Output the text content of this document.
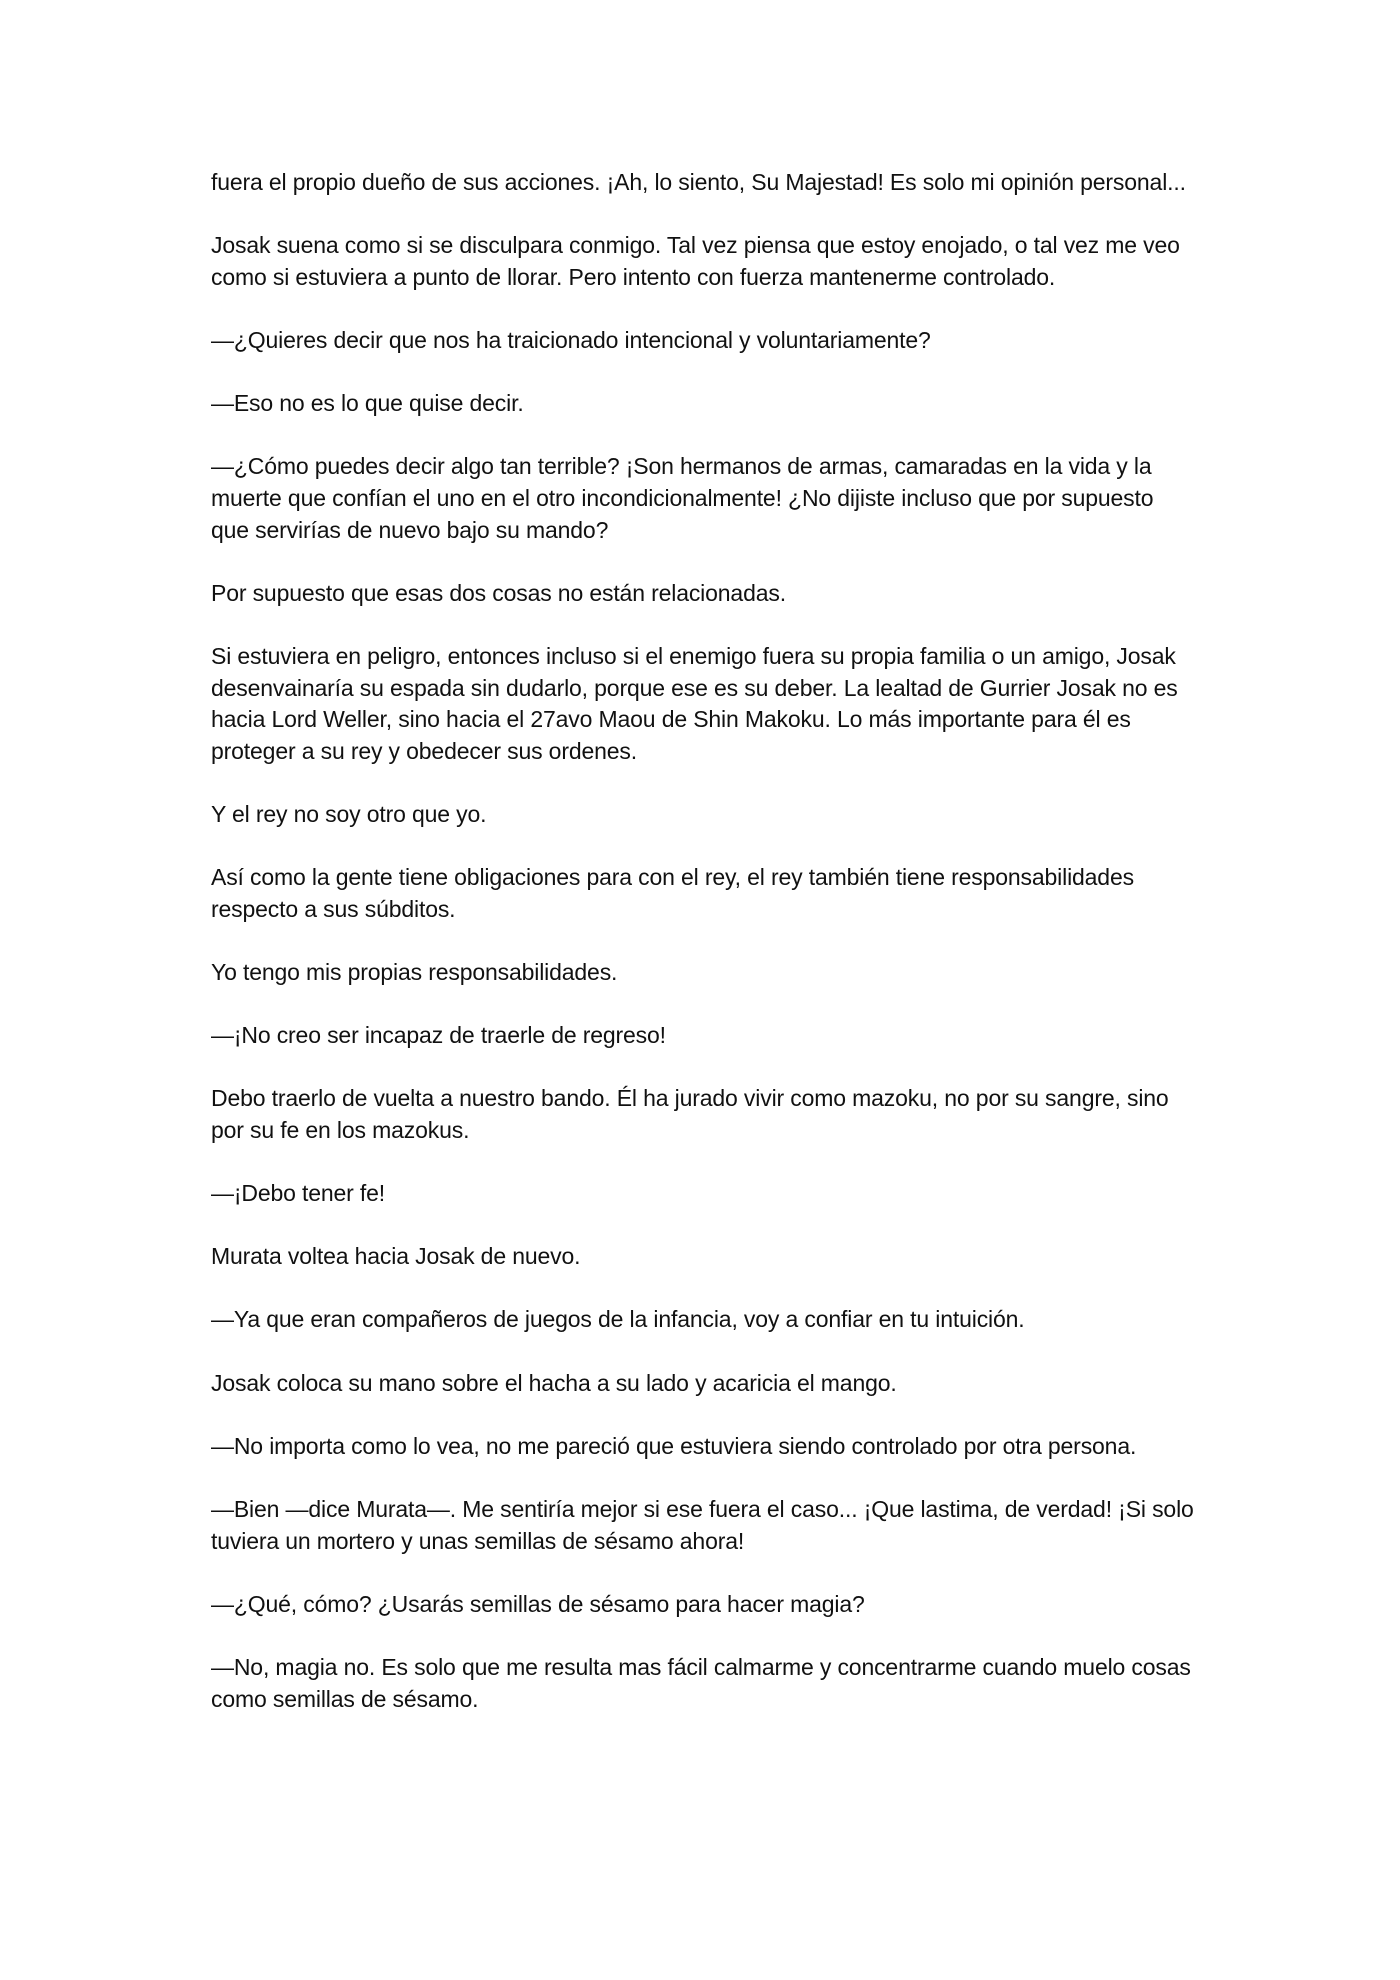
fuera el propio dueño de sus acciones. ¡Ah, lo siento, Su Majestad! Es solo mi opinión personal...

Josak suena como si se disculpara conmigo. Tal vez piensa que estoy enojado, o tal vez me veo como si estuviera a punto de llorar. Pero intento con fuerza mantenerme controlado.

—¿Quieres decir que nos ha traicionado intencional y voluntariamente?

—Eso no es lo que quise decir.

—¿Cómo puedes decir algo tan terrible? ¡Son hermanos de armas, camaradas en la vida y la muerte que confían el uno en el otro incondicionalmente! ¿No dijiste incluso que por supuesto que servirías de nuevo bajo su mando?

Por supuesto que esas dos cosas no están relacionadas.

Si estuviera en peligro, entonces incluso si el enemigo fuera su propia familia o un amigo, Josak desenvainaría su espada sin dudarlo, porque ese es su deber. La lealtad de Gurrier Josak no es hacia Lord Weller, sino hacia el 27avo Maou de Shin Makoku. Lo más importante para él es proteger a su rey y obedecer sus ordenes.

Y el rey no soy otro que yo.

Así como la gente tiene obligaciones para con el rey, el rey también tiene responsabilidades respecto a sus súbditos.

Yo tengo mis propias responsabilidades.

—¡No creo ser incapaz de traerle de regreso!

Debo traerlo de vuelta a nuestro bando. Él ha jurado vivir como mazoku, no por su sangre, sino por su fe en los mazokus.

—¡Debo tener fe!

Murata voltea hacia Josak de nuevo.

—Ya que eran compañeros de juegos de la infancia, voy a confiar en tu intuición.

Josak coloca su mano sobre el hacha a su lado y acaricia el mango.

—No importa como lo vea, no me pareció que estuviera siendo controlado por otra persona.

—Bien —dice Murata—. Me sentiría mejor si ese fuera el caso... ¡Que lastima, de verdad! ¡Si solo tuviera un mortero y unas semillas de sésamo ahora!

—¿Qué, cómo? ¿Usarás semillas de sésamo para hacer magia?

—No, magia no. Es solo que me resulta mas fácil calmarme y concentrarme cuando muelo cosas como semillas de sésamo.
